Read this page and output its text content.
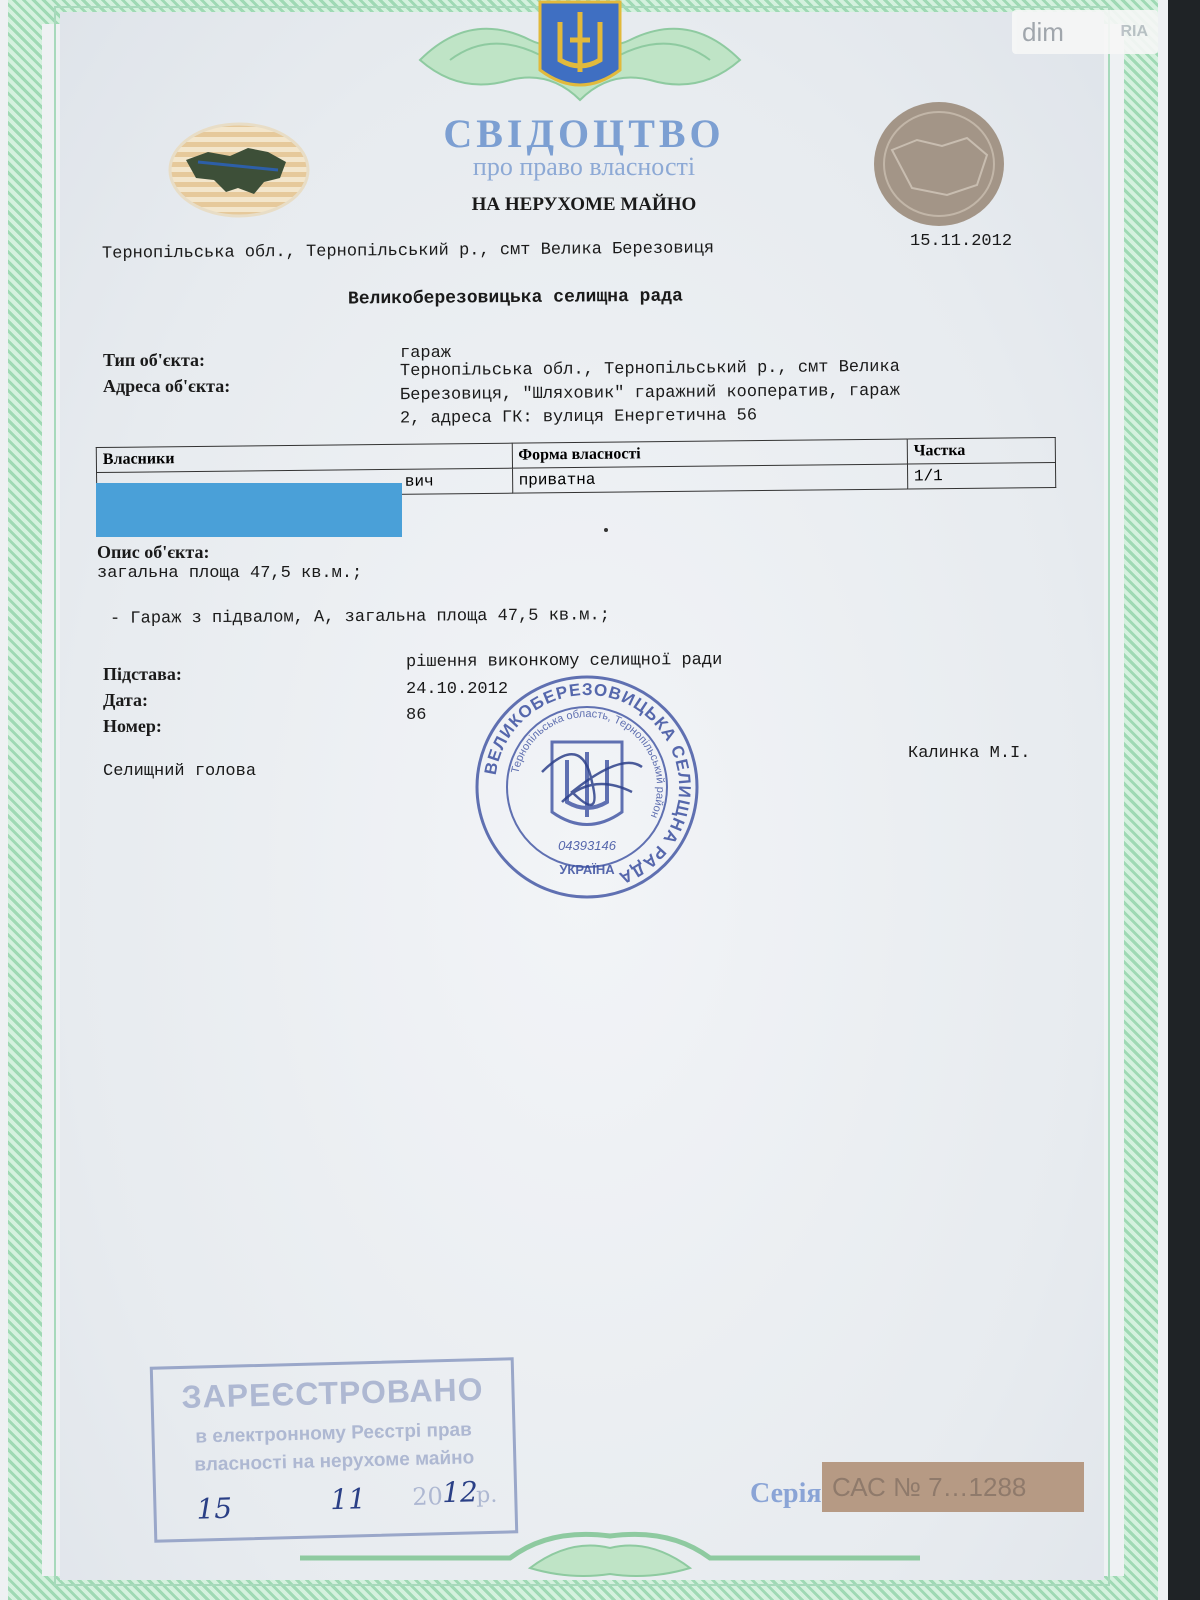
dim	RIA
СВІДОЦТВО
про право власності
НА НЕРУХОМЕ МАЙНО
Тернопільська обл., Тернопільський р., смт Велика Березовиця	15.11.2012
Великоберезовицька селищна рада
Тип об'єкта:	гараж
Адреса об'єкта:
Тернопільська обл., Тернопільський р., смт Велика
Березовиця, "Шляховик" гаражний кооператив, гараж
2, адреса ГК: вулиця Енергетична 56
Власники	Форма власності	Частка
вич	приватна	1/1
Опис об'єкта:
загальна площа 47,5 кв.м.;
- Гараж з підвалом, А, загальна площа 47,5 кв.м.;
Підстава:
рішення виконкому селищної ради
Дата:
24.10.2012
Номер:
86
Селищний голова
Калинка М.І.
ВЕЛИКОБЕРЕЗОВИЦЬКА СЕЛИЩНА РАДА
Тернопільська область, Тернопільський район
04393146
УКРАЇНА
ЗАРЕЄСТРОВАНО
в електронному Реєстрі прав
власності на нерухоме майно
15	11 20
12
р.	Серія САС № 7…1288
